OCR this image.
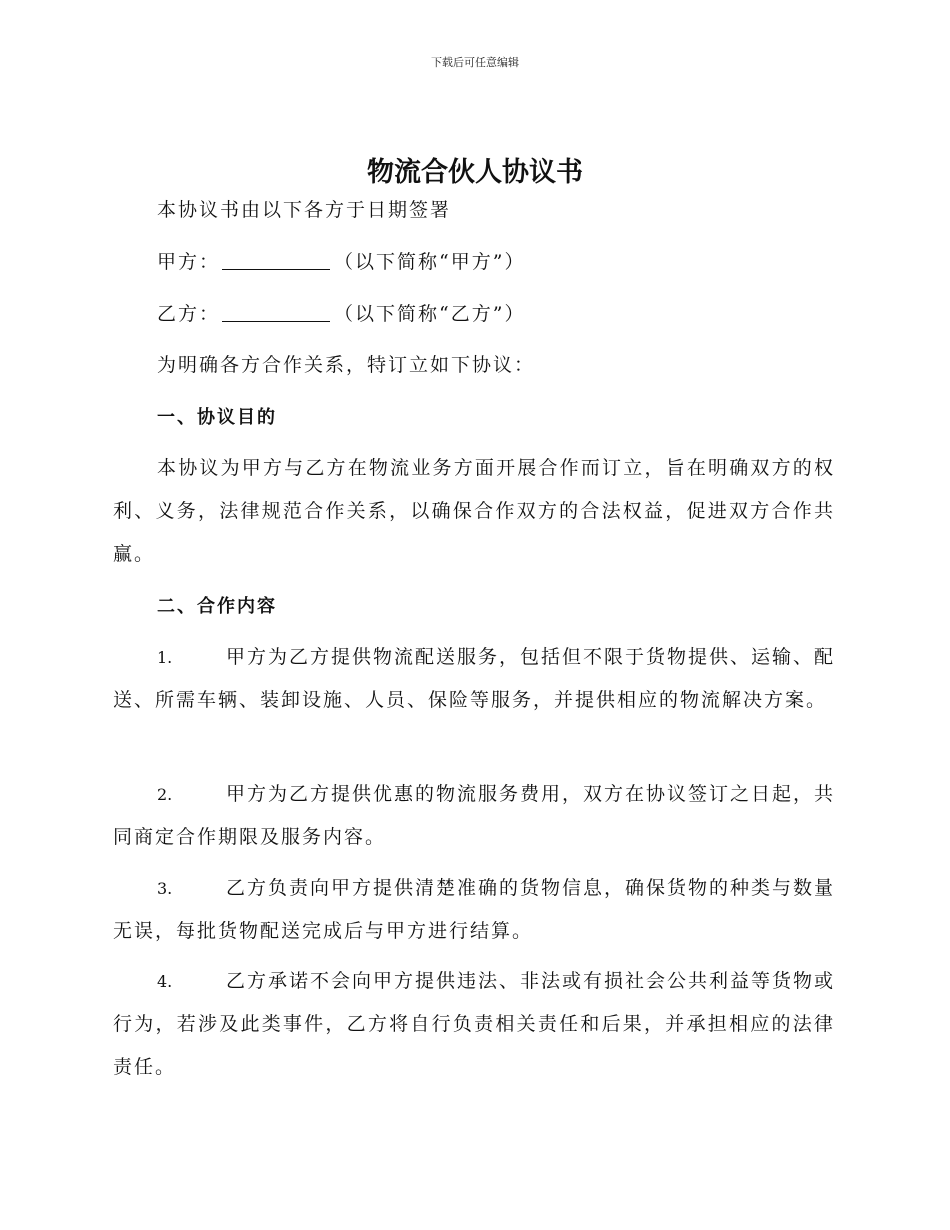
下载后可任意编辑
物流合伙人协议书
本协议书由以下各方于日期签署
甲方：	（以下简称“甲方”）
乙方：	（以下简称“乙方”）
为明确各方合作关系，特订立如下协议：
一、协议目的

本协议为甲方与乙方在物流业务方面开展合作而订立，旨在明确双方的权利、义务，法律规范合作关系，以确保合作双方的合法权益，促进双方合作共赢。

二、合作内容

1.	甲方为乙方提供物流配送服务，包括但不限于货物提供、运输、配送、所需车辆、装卸设施、人员、保险等服务，并提供相应的物流解决方案。

2.	甲方为乙方提供优惠的物流服务费用，双方在协议签订之日起，共同商定合作期限及服务内容。

3.	乙方负责向甲方提供清楚准确的货物信息，确保货物的种类与数量无误，每批货物配送完成后与甲方进行结算。

4.	乙方承诺不会向甲方提供违法、非法或有损社会公共利益等货物或行为，若涉及此类事件，乙方将自行负责相关责任和后果，并承担相应的法律责任。
